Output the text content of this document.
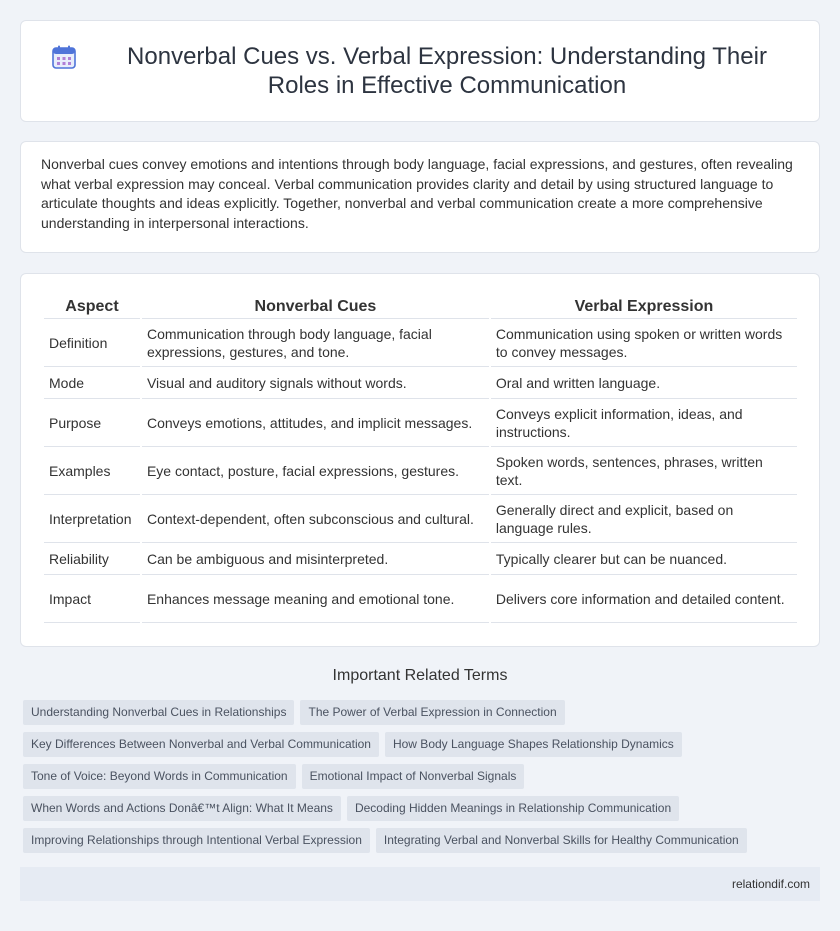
Nonverbal Cues vs. Verbal Expression: Understanding Their Roles in Effective Communication

Nonverbal cues convey emotions and intentions through body language, facial expressions, and gestures, often revealing what verbal expression may conceal. Verbal communication provides clarity and detail by using structured language to articulate thoughts and ideas explicitly. Together, nonverbal and verbal communication create a more comprehensive understanding in interpersonal interactions.

Aspect	Nonverbal Cues	Verbal Expression
Definition	Communication through body language, facial expressions, gestures, and tone.	Communication using spoken or written words to convey messages.
Mode	Visual and auditory signals without words.	Oral and written language.
Purpose	Conveys emotions, attitudes, and implicit messages.	Conveys explicit information, ideas, and instructions.
Examples	Eye contact, posture, facial expressions, gestures.	Spoken words, sentences, phrases, written text.
Interpretation	Context-dependent, often subconscious and cultural.	Generally direct and explicit, based on language rules.
Reliability	Can be ambiguous and misinterpreted.	Typically clearer but can be nuanced.
Impact	Enhances message meaning and emotional tone.	Delivers core information and detailed content.
Important Related Terms
Understanding Nonverbal Cues in Relationships	The Power of Verbal Expression in Connection
Key Differences Between Nonverbal and Verbal Communication	How Body Language Shapes Relationship Dynamics
Tone of Voice: Beyond Words in Communication	Emotional Impact of Nonverbal Signals
When Words and Actions Donâ€™t Align: What It Means	Decoding Hidden Meanings in Relationship Communication
Improving Relationships through Intentional Verbal Expression	Integrating Verbal and Nonverbal Skills for Healthy Communication
relationdif.com
